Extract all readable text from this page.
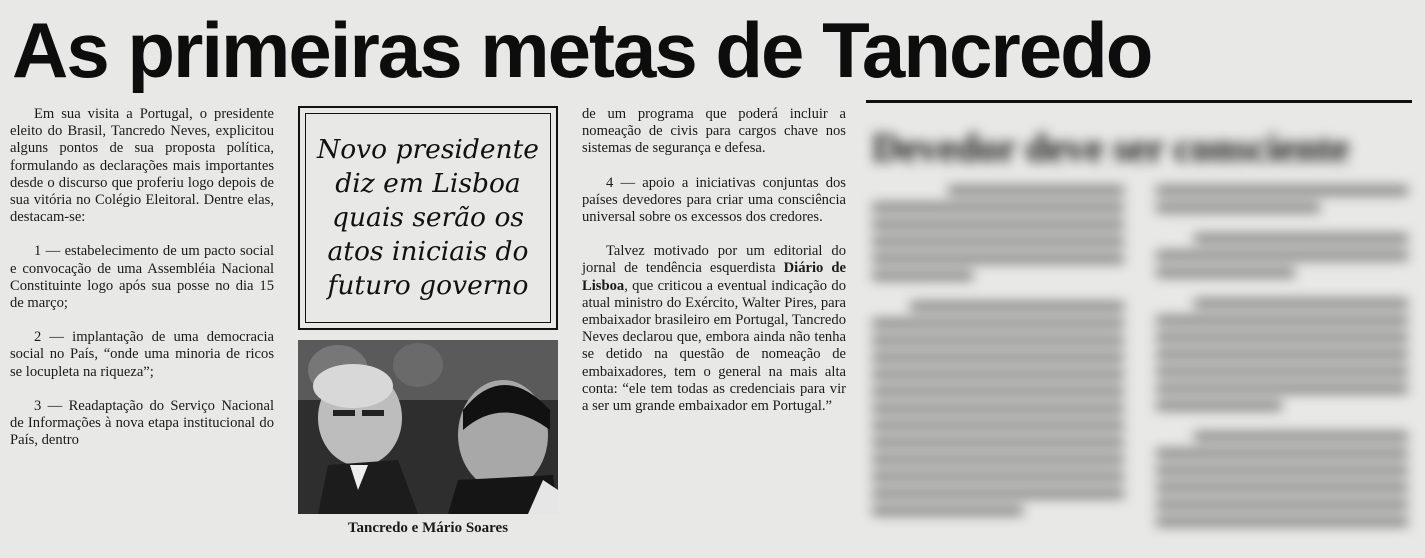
As primeiras metas de Tancredo

Em sua visita a Portugal, o presidente eleito do Brasil, Tancredo Neves, explicitou alguns pontos de sua proposta política, formulando as declarações mais importantes desde o discurso que proferiu logo depois de sua vitória no Colégio Eleitoral. Dentre elas, destacam-se:

1 — estabelecimento de um pacto social e convocação de uma Assembléia Nacional Constituinte logo após sua posse no dia 15 de março;

2 — implantação de uma democracia social no País, “onde uma minoria de ricos se locupleta na riqueza”;

3 — Readaptação do Serviço Nacional de Informações à nova etapa institucional do País, dentro

Novo presidente
diz em Lisboa
quais serão os
atos iniciais do
futuro governo
Tancredo e Mário Soares

de um programa que poderá incluir a nomeação de civis para cargos chave nos sistemas de segurança e defesa.

4 — apoio a iniciativas conjuntas dos países devedores para criar uma consciência universal sobre os excessos dos credores.

Talvez motivado por um editorial do jornal de tendência esquerdista Diário de Lisboa, que criticou a eventual indicação do atual ministro do Exército, Walter Pires, para embaixador brasileiro em Portugal, Tancredo Neves declarou que, embora ainda não tenha se detido na questão de nomeação de embaixadores, tem o general na mais alta conta: “ele tem todas as credenciais para vir a ser um grande embaixador em Portugal.”

Devedor deve ser consciente
